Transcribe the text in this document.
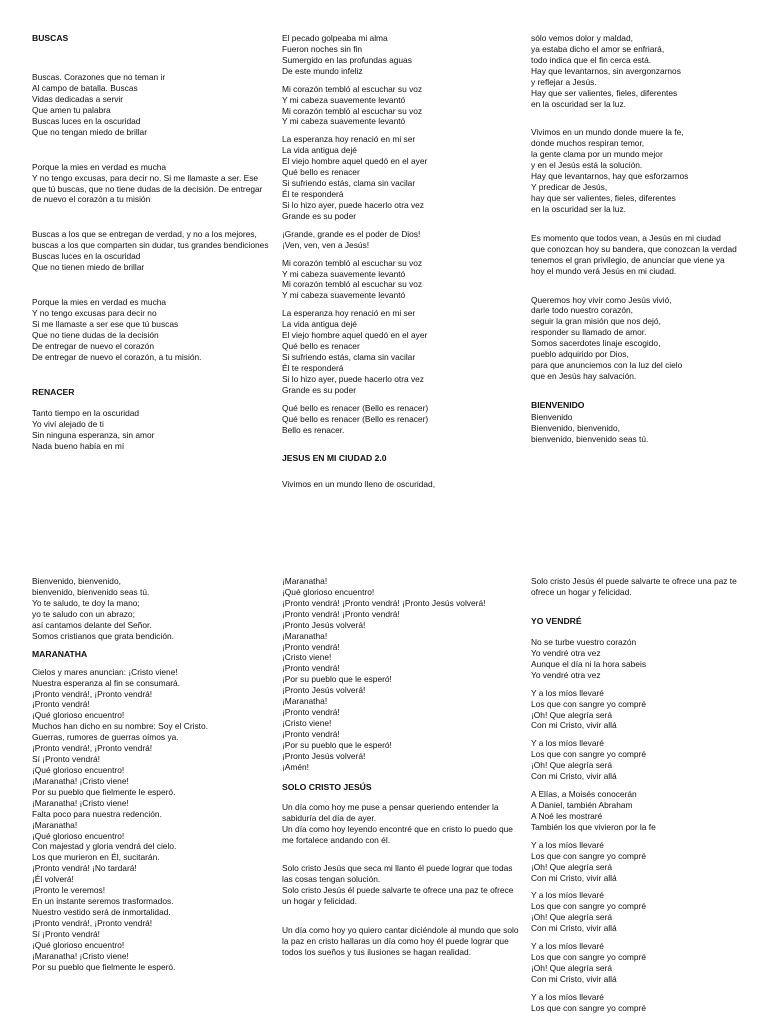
BUSCAS

Buscas. Corazones que no teman ir
Al campo de batalla. Buscas
Vidas dedicadas a servir
Que amen tu palabra
Buscas luces en la oscuridad
Que no tengan miedo de brillar

Porque la mies en verdad es mucha
Y no tengo excusas, para decir no. Si me llamaste a ser. Ese que tú buscas, que no tiene dudas de la decisión. De entregar de nuevo el corazón a tu misión

Buscas a los que se entregan de verdad, y no a los mejores, buscas a los que comparten sin dudar, tus grandes bendiciones
Buscas luces en la oscuridad
Que no tienen miedo de brillar

Porque la mies en verdad es mucha
Y no tengo excusas para decir no
Si me llamaste a ser ese que tú buscas
Que no tiene dudas de la decisión
De entregar de nuevo el corazón
De entregar de nuevo el corazón, a tu misión.

RENACER

Tanto tiempo en la oscuridad
Yo viví alejado de ti
Sin ninguna esperanza, sin amor
Nada bueno había en mí

El pecado golpeaba mi alma
Fueron noches sin fin
Sumergido en las profundas aguas
De este mundo infeliz

Mi corazón tembló al escuchar su voz
Y mi cabeza suavemente levantó
Mi corazón tembló al escuchar su voz
Y mi cabeza suavemente levantó

La esperanza hoy renació en mi ser
La vida antigua dejé
El viejo hombre aquel quedó en el ayer
Qué bello es renacer
Si sufriendo estás, clama sin vacilar
Él te responderá
Si lo hizo ayer, puede hacerlo otra vez
Grande es su poder

¡Grande, grande es el poder de Dios!
¡Ven, ven, ven a Jesús!

Mi corazón tembló al escuchar su voz
Y mi cabeza suavemente levantó
Mi corazón tembló al escuchar su voz
Y mi cabeza suavemente levantó

La esperanza hoy renació en mi ser
La vida antigua dejé
El viejo hombre aquel quedó en el ayer
Qué bello es renacer
Si sufriendo estás, clama sin vacilar
Él te responderá
Si lo hizo ayer, puede hacerlo otra vez
Grande es su poder

Qué bello es renacer (Bello es renacer)
Qué bello es renacer (Bello es renacer)
Bello es renacer.

JESUS EN MI CIUDAD 2.0

Vivimos en un mundo lleno de oscuridad,

sólo vemos dolor y maldad,
ya estaba dicho el amor se enfriará,
todo indica que el fin cerca está.
Hay que levantarnos, sin avergonzarnos
y reflejar a Jesús.
Hay que ser valientes, fieles, diferentes
en la oscuridad ser la luz.

Vivimos en un mundo donde muere la fe,
donde muchos respiran temor,
la gente clama por un mundo mejor
y en el Jesús está la solución.
Hay que levantarnos, hay que esforzarnos
Y predicar de Jesús,
hay que ser valientes, fieles, diferentes
en la oscuridad ser la luz.

Es momento que todos vean, a Jesús en mi ciudad
que conozcan hoy su bandera, que conozcan la verdad
tenemos el gran privilegio, de anunciar que viene ya
hoy el mundo verá Jesús en mi ciudad.

Queremos hoy vivir como Jesús vivió,
darle todo nuestro corazón,
seguir la gran misión que nos dejó,
responder su llamado de amor.
Somos sacerdotes linaje escogido,
pueblo adquirido por Dios,
para que anunciemos con la luz del cielo
que en Jesús hay salvación.

BIENVENIDO

Bienvenido
Bienvenido, bienvenido,
bienvenido, bienvenido seas tú.

Bienvenido, bienvenido,
bienvenido, bienvenido seas tú.
Yo te saludo, te doy la mano;
yo te saludo con un abrazo;
así cantamos delante del Señor.
Somos cristianos que grata bendición.

MARANATHA

Cielos y mares anuncian: ¡Cristo viene!
Nuestra esperanza al fin se consumará.
¡Pronto vendrá!, ¡Pronto vendrá!
¡Pronto vendrá!
¡Qué glorioso encuentro!
Muchos han dicho en su nombre: Soy el Cristo.
Guerras, rumores de guerras oímos ya.
¡Pronto vendrá!, ¡Pronto vendrá!
Sí ¡Pronto vendrá!
¡Qué glorioso encuentro!
¡Maranatha! ¡Cristo viene!
Por su pueblo que fielmente le esperó.
¡Maranatha! ¡Cristo viene!
Falta poco para nuestra redención.
¡Maranatha!
¡Qué glorioso encuentro!
Con majestad y gloria vendrá del cielo.
Los que murieron en Él, sucitarán.
¡Pronto vendrá! ¡No tardará!
¡Él volverá!
¡Pronto le veremos!
En un instante seremos trasformados.
Nuestro vestido será de inmortalidad.
¡Pronto vendrá!, ¡Pronto vendrá!
Sí ¡Pronto vendrá!
¡Qué glorioso encuentro!
¡Maranatha! ¡Cristo viene!
Por su pueblo que fielmente le esperó.

¡Maranatha!
¡Qué glorioso encuentro!
¡Pronto vendrá! ¡Pronto vendrá! ¡Pronto Jesús volverá!
¡Pronto vendrá! ¡Pronto vendrá!
¡Pronto Jesús volverá!
¡Maranatha!
¡Pronto vendrá!
¡Cristo viene!
¡Pronto vendrá!
¡Por su pueblo que le esperó!
¡Pronto Jesús volverá!
¡Maranatha!
¡Pronto vendrá!
¡Cristo viene!
¡Pronto vendrá!
¡Por su pueblo que le esperó!
¡Pronto Jesús volverá!
¡Amén!

SOLO CRISTO JESÚS

Un día como hoy me puse a pensar queriendo entender la sabiduría del día de ayer.
Un día como hoy leyendo encontré que en cristo lo puedo que me fortalece andando con él.

Solo cristo Jesús que seca mi llanto él puede lograr que todas las cosas tengan solución.
Solo cristo Jesús él puede salvarte te ofrece una paz te ofrece un hogar y felicidad.

Un día como hoy yo quiero cantar diciéndole al mundo que solo la paz en cristo hallaras un día como hoy él puede lograr que todos los sueños y tus ilusiones se hagan realidad.

Solo cristo Jesús él puede salvarte te ofrece una paz te ofrece un hogar y felicidad.

YO VENDRÉ

No se turbe vuestro corazón
Yo vendré otra vez
Aunque el día ni la hora sabeis
Yo vendré otra vez

Y a los míos llevaré
Los que con sangre yo compré
¡Oh! Que alegría será
Con mi Cristo, vivir allá

Y a los míos llevaré
Los que con sangre yo compré
¡Oh! Que alegría será
Con mi Cristo, vivir allá

A Elías, a Moisés conocerán
A Daniel, también Abraham
A Noé les mostraré
También los que vivieron por la fe

Y a los míos llevaré
Los que con sangre yo compré
¡Oh! Que alegría será
Con mi Cristo, vivir allá

Y a los míos llevaré
Los que con sangre yo compré
¡Oh! Que alegría será
Con mi Cristo, vivir allá

Y a los míos llevaré
Los que con sangre yo compré
¡Oh! Que alegría será
Con mi Cristo, vivir allá

Y a los míos llevaré
Los que con sangre yo compré
